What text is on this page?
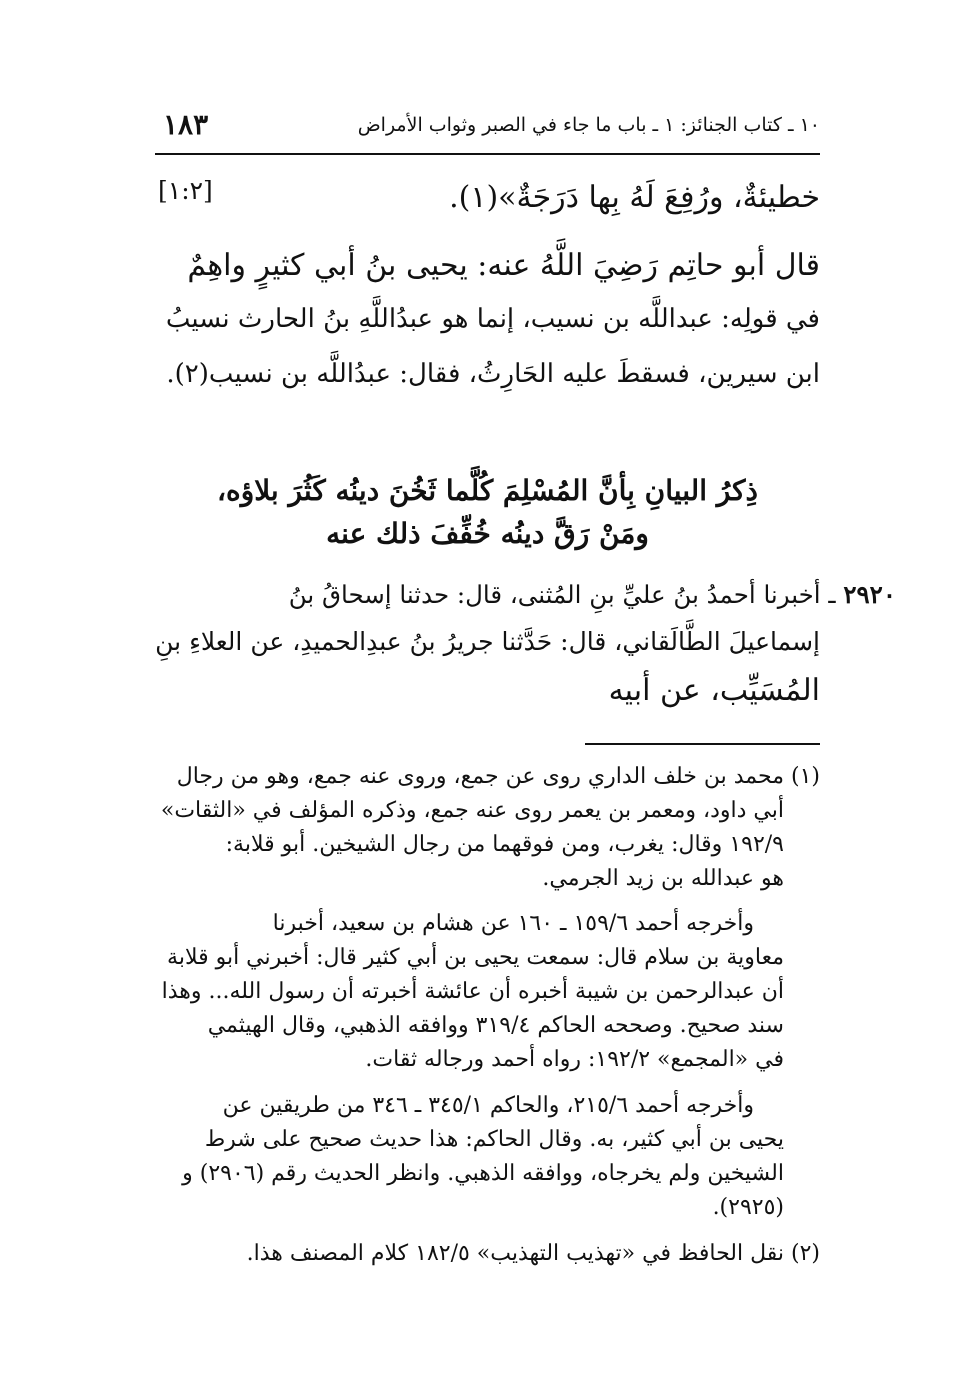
١٠ ـ كتاب الجنائز: ١ ـ باب ما جاء في الصبر وثواب الأمراض
١٨٣
[١:٢]	خطيئةٌ، ورُفِعَ لَهُ بِها دَرَجَةٌ»(١).
قال أبو حاتِم رَضِيَ اللَّهُ عنه: يحيى بنُ أبي كثيرٍ واهِمٌ
في قولِه: عبداللَّه بن نسيب، إنما هو عبدُاللَّهِ بنُ الحارث نسيبُ
ابن سيرين، فسقطَ عليه الحَارِثُ، فقال: عبدُاللَّه بن نسيب(٢).
ذِكرُ البيانِ بِأنَّ المُسْلِمَ كُلَّما ثَخُنَ دينُه كَثُرَ بلاؤه،
ومَنْ رَقَّ دينُه خُفِّفَ ذلك عنه
٢٩٢٠ ـ أخبرنا أحمدُ بنُ عليِّ بنِ المُثنى، قال: حدثنا إسحاقُ بنُ
إسماعيلَ الطَّالَقاني، قال: حَدَّثنا جريرُ بنُ عبدِالحميدِ، عن العلاءِ بنِ
المُسَيِّب، عن أبيه
(١) محمد بن خلف الداري روى عن جمع، وروى عنه جمع، وهو من رجال
أبي داود، ومعمر بن يعمر روى عنه جمع، وذكره المؤلف في «الثقات»
١٩٢/٩ وقال: يغرب، ومن فوقهما من رجال الشيخين. أبو قلابة:
هو عبدالله بن زيد الجرمي.
وأخرجه أحمد ١٥٩/٦ ـ ١٦٠ عن هشام بن سعيد، أخبرنا
معاوية بن سلام قال: سمعت يحيى بن أبي كثير قال: أخبرني أبو قلابة
أن عبدالرحمن بن شيبة أخبره أن عائشة أخبرته أن رسول الله... وهذا
سند صحيح. وصححه الحاكم ٣١٩/٤ ووافقه الذهبي، وقال الهيثمي
في «المجمع» ١٩٢/٢: رواه أحمد ورجاله ثقات.
وأخرجه أحمد ٢١٥/٦، والحاكم ٣٤٥/١ ـ ٣٤٦ من طريقين عن
يحيى بن أبي كثير، به. وقال الحاكم: هذا حديث صحيح على شرط
الشيخين ولم يخرجاه، ووافقه الذهبي. وانظر الحديث رقم (٢٩٠٦) و
(٢٩٢٥).
(٢) نقل الحافظ في «تهذيب التهذيب» ١٨٢/٥ كلام المصنف هذا.
